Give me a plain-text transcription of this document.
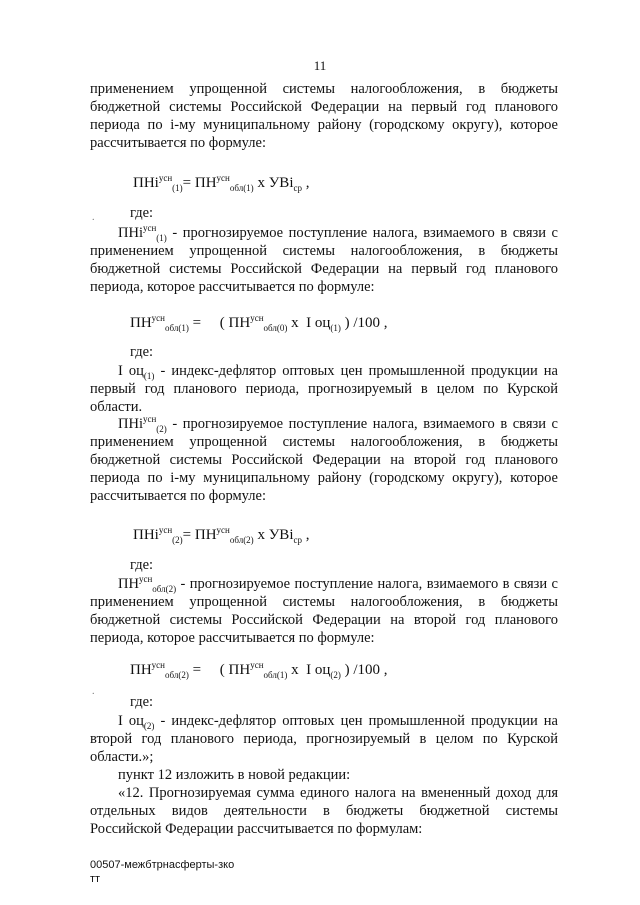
11
применением упрощенной системы налогообложения, в бюджеты бюджетной системы Российской Федерации на первый год планового периода по i-му муниципальному району (городскому округу), которое рассчитывается по формуле:
$ПНi^{усн}_{(1)}= ПН^{усн}_{обл(1)}$ х УВi$_{ср}$ ,
. где:
ПНi$^{усн}_{(1)}$ - прогнозируемое поступление налога, взимаемого в связи с применением упрощенной системы налогообложения, в бюджеты бюджетной системы Российской Федерации на первый год планового периода, которое рассчитывается по формуле:
$ПН^{усн}_{обл(1)}$ =     ( $ПН^{усн}_{обл(0)}$ х  I $оц_{(1)}$ ) /100 ,
где:
I $оц_{(1)}$ - индекс-дефлятор оптовых цен промышленной продукции на первый год планового периода, прогнозируемый в целом по Курской области.
ПНi$^{усн}_{(2)}$ - прогнозируемое поступление налога, взимаемого в связи с применением упрощенной системы налогообложения, в бюджеты бюджетной системы Российской Федерации на второй год планового периода по i-му муниципальному району (городскому округу), которое рассчитывается по формуле:
$ПНi^{усн}_{(2)}= ПН^{усн}_{обл(2)}$ х УВi$_{ср}$ ,
где:
$ПН^{усн}_{обл(2)}$ - прогнозируемое поступление налога, взимаемого в связи с применением упрощенной системы налогообложения, в бюджеты бюджетной системы Российской Федерации на второй год планового периода, которое рассчитывается по формуле:
$ПН^{усн}_{обл(2)}$ =     ( $ПН^{усн}_{обл(1)}$ х  I $оц_{(2)}$ ) /100 ,
.
где:
I $оц_{(2)}$ - индекс-дефлятор оптовых цен промышленной продукции на второй год планового периода, прогнозируемый в целом по Курской области.»;
пункт 12 изложить в новой редакции:
«12. Прогнозируемая сумма единого налога на вмененный доход для отдельных видов деятельности в бюджеты бюджетной системы Российской Федерации рассчитывается по формулам:
00507-межбтрнасферты-зко
тт
